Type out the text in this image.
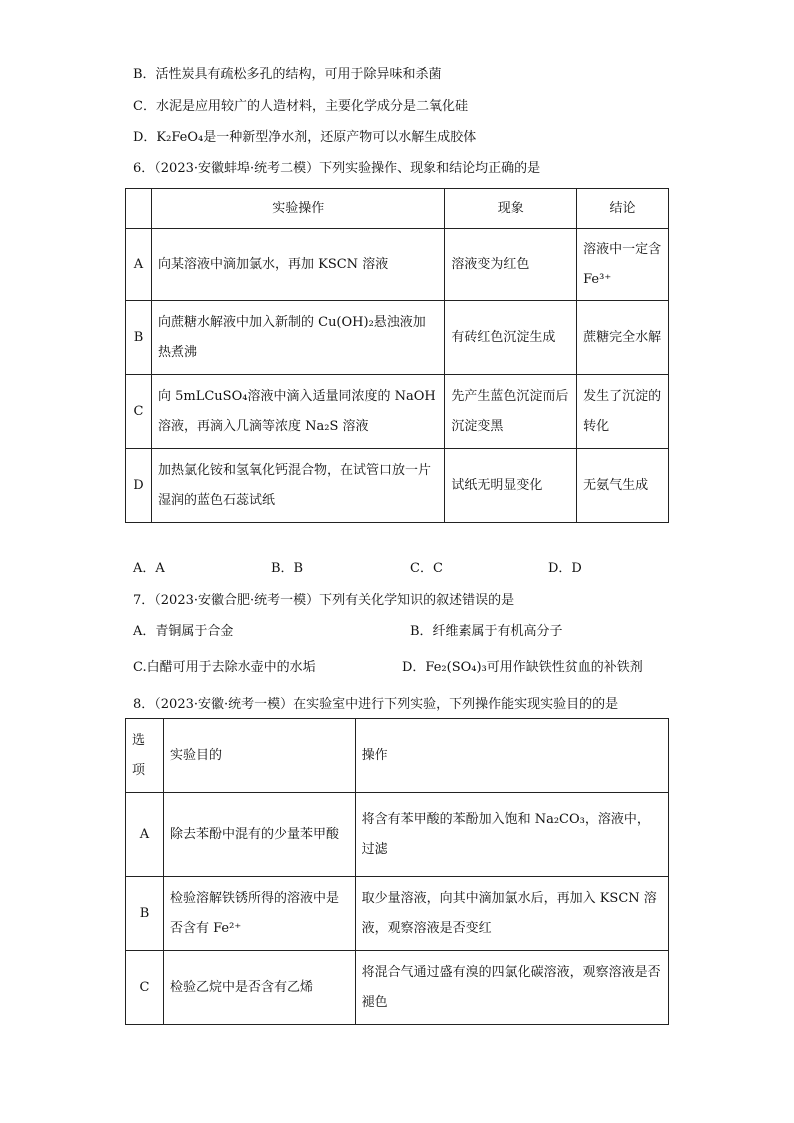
B．活性炭具有疏松多孔的结构，可用于除异味和杀菌
C．水泥是应用较广的人造材料，主要化学成分是二氧化硅
D．K₂FeO₄是一种新型净水剂，还原产物可以水解生成胶体
6．（2023·安徽蚌埠·统考二模）下列实验操作、现象和结论均正确的是
	实验操作	现象	结论
A	向某溶液中滴加氯水，再加 KSCN 溶液	溶液变为红色	溶液中一定含 Fe³⁺
B	向蔗糖水解液中加入新制的 Cu(OH)₂悬浊液加热煮沸	有砖红色沉淀生成	蔗糖完全水解
C	向 5mLCuSO₄溶液中滴入适量同浓度的 NaOH 溶液，再滴入几滴等浓度 Na₂S 溶液	先产生蓝色沉淀而后沉淀变黑	发生了沉淀的转化
D	加热氯化铵和氢氧化钙混合物，在试管口放一片湿润的蓝色石蕊试纸	试纸无明显变化	无氨气生成
A．A	B．B	C．C	D．D
7．（2023·安徽合肥·统考一模）下列有关化学知识的叙述错误的是
A．青铜属于合金	B．纤维素属于有机高分子
C.白醋可用于去除水壶中的水垢	D．Fe₂(SO₄)₃可用作缺铁性贫血的补铁剂
8．（2023·安徽·统考一模）在实验室中进行下列实验，下列操作能实现实验目的的是
选项	实验目的	操作
A	除去苯酚中混有的少量苯甲酸	将含有苯甲酸的苯酚加入饱和 Na₂CO₃，溶液中，过滤
B	检验溶解铁锈所得的溶液中是否含有 Fe²⁺	取少量溶液，向其中滴加氯水后，再加入 KSCN 溶液，观察溶液是否变红
C	检验乙烷中是否含有乙烯	将混合气通过盛有溴的四氯化碳溶液，观察溶液是否褪色
